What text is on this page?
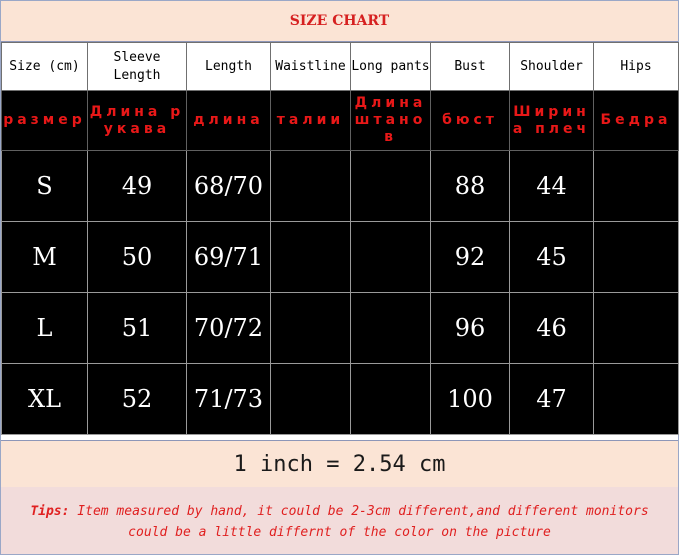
SIZE CHART
Size (cm)	Sleeve Length	Length	Waistline	Long pants	Bust	Shoulder	Hips
размер	Длина рукава	длина	талии	Длина штанов	бюст	Ширина плеч	Бедра
S	49	68/70			88	44	
M	50	69/71			92	45	
L	51	70/72			96	46	
XL	52	71/73			100	47	
1 inch = 2.54 cm
Tips: Item measured by hand, it could be 2-3cm different,and different monitors could be a little differnt of the color on the picture
